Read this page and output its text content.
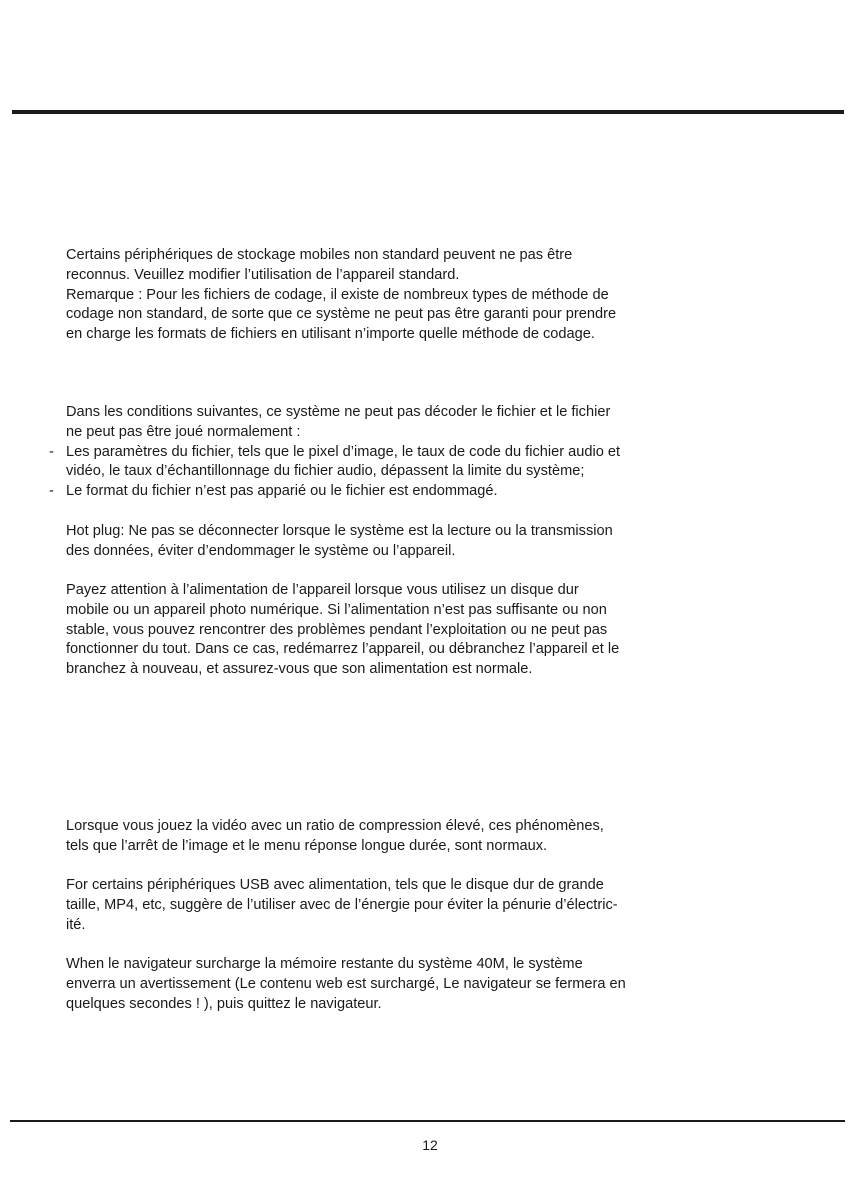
Certains périphériques de stockage mobiles non standard peuvent ne pas être
reconnus. Veuillez modifier l’utilisation de l’appareil standard.
Remarque : Pour les fichiers de codage, il existe de nombreux types de méthode de
codage non standard, de sorte que ce système ne peut pas être garanti pour prendre
en charge les formats de fichiers en utilisant n’importe quelle méthode de codage.
Dans les conditions suivantes, ce système ne peut pas décoder le fichier et le fichier
ne peut pas être joué normalement :
- Les paramètres du fichier, tels que le pixel d’image, le taux de code du fichier audio et
vidéo, le taux d’échantillonnage du fichier audio, dépassent la limite du système;
- Le format du fichier n’est pas apparié ou le fichier est endommagé.
Hot plug: Ne pas se déconnecter lorsque le système est la lecture ou la transmission
des données, éviter d’endommager le système ou l’appareil.
Payez attention à l’alimentation de l’appareil lorsque vous utilisez un disque dur
mobile ou un appareil photo numérique. Si l’alimentation n’est pas suffisante ou non
stable, vous pouvez rencontrer des problèmes pendant l’exploitation ou ne peut pas
fonctionner du tout. Dans ce cas, redémarrez l’appareil, ou débranchez l’appareil et le
branchez à nouveau, et assurez-vous que son alimentation est normale.
Lorsque vous jouez la vidéo avec un ratio de compression élevé, ces phénomènes,
tels que l’arrêt de l’image et le menu réponse longue durée, sont normaux.
For certains périphériques USB avec alimentation, tels que le disque dur de grande
taille, MP4, etc, suggère de l’utiliser avec de l’énergie pour éviter la pénurie d’électric-
ité.
When le navigateur surcharge la mémoire restante du système 40M, le système
enverra un avertissement (Le contenu web est surchargé, Le navigateur se fermera en
quelques secondes ! ), puis quittez le navigateur.
12
